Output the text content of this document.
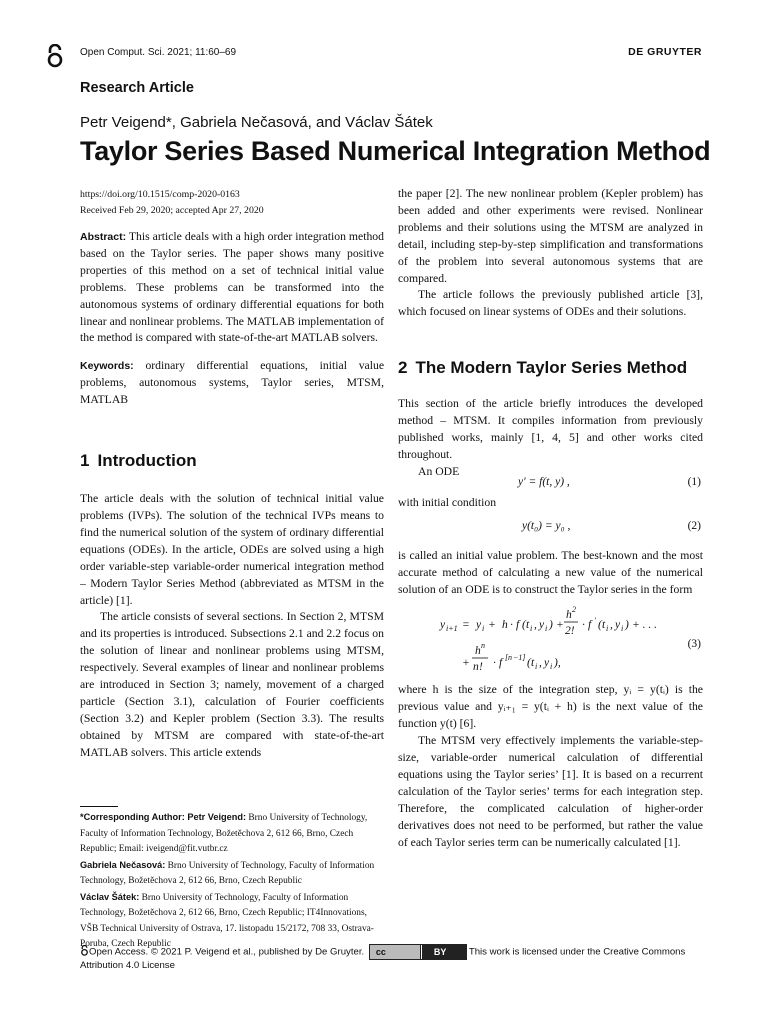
Open Comput. Sci. 2021; 11:60–69	DE GRUYTER
Research Article
Petr Veigend*, Gabriela Nečasová, and Václav Šátek
Taylor Series Based Numerical Integration Method
https://doi.org/10.1515/comp-2020-0163
Received Feb 29, 2020; accepted Apr 27, 2020

Abstract: This article deals with a high order integration method based on the Taylor series. The paper shows many positive properties of this method on a set of technical initial value problems. These problems can be transformed into the autonomous systems of ordinary differential equations for both linear and nonlinear problems. The MATLAB implementation of the method is compared with state-of-the-art MATLAB solvers.

Keywords: ordinary differential equations, initial value problems, autonomous systems, Taylor series, MTSM, MATLAB

1 Introduction

The article deals with the solution of technical initial value problems (IVPs). The solution of the technical IVPs means to find the numerical solution of the system of ordinary differential equations (ODEs). In the article, ODEs are solved using a high order variable-step variable-order numerical integration method – Modern Taylor Series Method (abbreviated as MTSM in the article) [1].

The article consists of several sections. In Section 2, MTSM and its properties is introduced. Subsections 2.1 and 2.2 focus on the solution of linear and nonlinear problems using MTSM, respectively. Several examples of linear and nonlinear problems are introduced in Section 3; namely, movement of a charged particle (Section 3.1), calculation of Fourier coefficients (Section 3.2) and Kepler problem (Section 3.3). The results obtained by MTSM are compared with state-of-the-art MATLAB solvers. This article extends

the paper [2]. The new nonlinear problem (Kepler problem) has been added and other experiments were revised. Nonlinear problems and their solutions using the MTSM are analyzed in detail, including step-by-step simplification and transformations of the problem into several autonomous systems that are compared.

The article follows the previously published article [3], which focused on linear systems of ODEs and their solutions.

2 The Modern Taylor Series Method

This section of the article briefly introduces the developed method – MTSM. It compiles information from previously published works, mainly [1, 4, 5] and other works cited throughout.

An ODE

y′ = f(t, y) ,	(1)

with initial condition

y(t₀) = y₀ ,	(2)

is called an initial value problem. The best-known and the most accurate method of calculating a new value of the numerical solution of an ODE is to construct the Taylor series in the form

y i+1 = y i + h · f ( t i , y i ) +
h 2
2! · f ′ ( t i , y i ) + . . .
+
h n
n ! · f [ n −1] ( t i , y i ),
(3)

where h is the size of the integration step, yᵢ = y(tᵢ) is the previous value and yᵢ₊₁ = y(tᵢ + h) is the next value of the function y(t) [6].

The MTSM very effectively implements the variable-step-size, variable-order numerical calculation of differential equations using the Taylor series’ [1]. It is based on a recurrent calculation of the Taylor series’ terms for each integration step. Therefore, the complicated calculation of higher-order derivatives does not need to be performed, but rather the value of each Taylor series term can be numerically calculated [1].

*Corresponding Author: Petr Veigend: Brno University of Technology, Faculty of Information Technology, Božetěchova 2, 612 66, Brno, Czech Republic; Email: iveigend@fit.vutbr.cz
Gabriela Nečasová: Brno University of Technology, Faculty of Information Technology, Božetěchova 2, 612 66, Brno, Czech Republic
Václav Šátek: Brno University of Technology, Faculty of Information Technology, Božetěchova 2, 612 66, Brno, Czech Republic; IT4Innovations, VŠB Technical University of Ostrava, 17. listopadu 15/2172, 708 33, Ostrava-Poruba, Czech Republic
Open Access. © 2021 P. Veigend et al., published by De Gruyter. cc	BY This work is licensed under the Creative Commons Attribution 4.0 License
